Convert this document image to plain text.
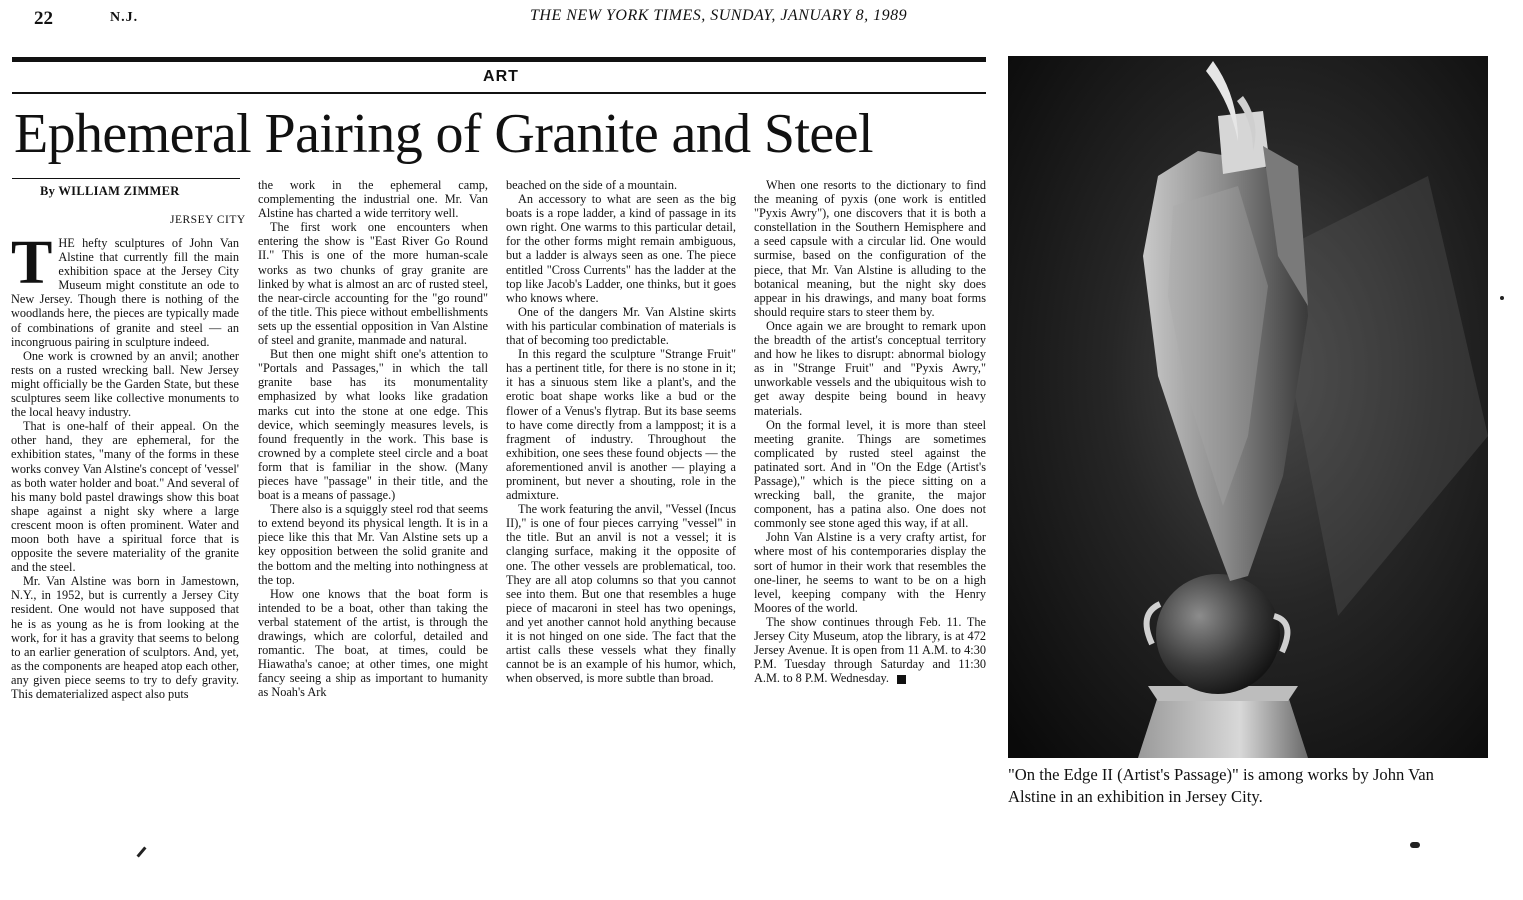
22	N.J.	THE NEW YORK TIMES, SUNDAY, JANUARY 8, 1989
ART
Ephemeral Pairing of Granite and Steel
By WILLIAM ZIMMER
JERSEY CITY

THE hefty sculptures of John Van Alstine that currently fill the main exhibition space at the Jersey City Museum might constitute an ode to New Jersey. Though there is nothing of the woodlands here, the pieces are typically made of combinations of granite and steel — an incongruous pairing in sculpture indeed.

One work is crowned by an anvil; another rests on a rusted wrecking ball. New Jersey might officially be the Garden State, but these sculptures seem like collective monuments to the local heavy industry.

That is one-half of their appeal. On the other hand, they are ephemeral, for the exhibition states, "many of the forms in these works convey Van Alstine's concept of 'vessel' as both water holder and boat." And several of his many bold pastel drawings show this boat shape against a night sky where a large crescent moon is often prominent. Water and moon both have a spiritual force that is opposite the severe materiality of the granite and the steel.

Mr. Van Alstine was born in Jamestown, N.Y., in 1952, but is currently a Jersey City resident. One would not have supposed that he is as young as he is from looking at the work, for it has a gravity that seems to belong to an earlier generation of sculptors. And, yet, as the components are heaped atop each other, any given piece seems to try to defy gravity. This dematerialized aspect also puts

the work in the ephemeral camp, complementing the industrial one. Mr. Van Alstine has charted a wide territory well.

The first work one encounters when entering the show is "East River Go Round II." This is one of the more human-scale works as two chunks of gray granite are linked by what is almost an arc of rusted steel, the near-circle accounting for the "go round" of the title. This piece without embellishments sets up the essential opposition in Van Alstine of steel and granite, manmade and natural.

But then one might shift one's attention to "Portals and Passages," in which the tall granite base has its monumentality emphasized by what looks like gradation marks cut into the stone at one edge. This device, which seemingly measures levels, is found frequently in the work. This base is crowned by a complete steel circle and a boat form that is familiar in the show. (Many pieces have "passage" in their title, and the boat is a means of passage.)

There also is a squiggly steel rod that seems to extend beyond its physical length. It is in a piece like this that Mr. Van Alstine sets up a key opposition between the solid granite and the bottom and the melting into nothingness at the top.

How one knows that the boat form is intended to be a boat, other than taking the verbal statement of the artist, is through the drawings, which are colorful, detailed and romantic. The boat, at times, could be Hiawatha's canoe; at other times, one might fancy seeing a ship as important to humanity as Noah's Ark

beached on the side of a mountain.

An accessory to what are seen as the big boats is a rope ladder, a kind of passage in its own right. One warms to this particular detail, for the other forms might remain ambiguous, but a ladder is always seen as one. The piece entitled "Cross Currents" has the ladder at the top like Jacob's Ladder, one thinks, but it goes who knows where.

One of the dangers Mr. Van Alstine skirts with his particular combination of materials is that of becoming too predictable.

In this regard the sculpture "Strange Fruit" has a pertinent title, for there is no stone in it; it has a sinuous stem like a plant's, and the erotic boat shape works like a bud or the flower of a Venus's flytrap. But its base seems to have come directly from a lamppost; it is a fragment of industry. Throughout the exhibition, one sees these found objects — the aforementioned anvil is another — playing a prominent, but never a shouting, role in the admixture.

The work featuring the anvil, "Vessel (Incus II)," is one of four pieces carrying "vessel" in the title. But an anvil is not a vessel; it is clanging surface, making it the opposite of one. The other vessels are problematical, too. They are all atop columns so that you cannot see into them. But one that resembles a huge piece of macaroni in steel has two openings, and yet another cannot hold anything because it is not hinged on one side. The fact that the artist calls these vessels what they finally cannot be is an example of his humor, which, when observed, is more subtle than broad.

When one resorts to the dictionary to find the meaning of pyxis (one work is entitled "Pyxis Awry"), one discovers that it is both a constellation in the Southern Hemisphere and a seed capsule with a circular lid. One would surmise, based on the configuration of the piece, that Mr. Van Alstine is alluding to the botanical meaning, but the night sky does appear in his drawings, and many boat forms should require stars to steer them by.

Once again we are brought to remark upon the breadth of the artist's conceptual territory and how he likes to disrupt: abnormal biology as in "Strange Fruit" and "Pyxis Awry," unworkable vessels and the ubiquitous wish to get away despite being bound in heavy materials.

On the formal level, it is more than steel meeting granite. Things are sometimes complicated by rusted steel against the patinated sort. And in "On the Edge (Artist's Passage)," which is the piece sitting on a wrecking ball, the granite, the major component, has a patina also. One does not commonly see stone aged this way, if at all.

John Van Alstine is a very crafty artist, for where most of his contemporaries display the sort of humor in their work that resembles the one-liner, he seems to want to be on a high level, keeping company with the Henry Moores of the world.

The show continues through Feb. 11. The Jersey City Museum, atop the library, is at 472 Jersey Avenue. It is open from 11 A.M. to 4:30 P.M. Tuesday through Saturday and 11:30 A.M. to 8 P.M. Wednesday.

"On the Edge II (Artist's Passage)" is among works by John Van Alstine in an exhibition in Jersey City.
